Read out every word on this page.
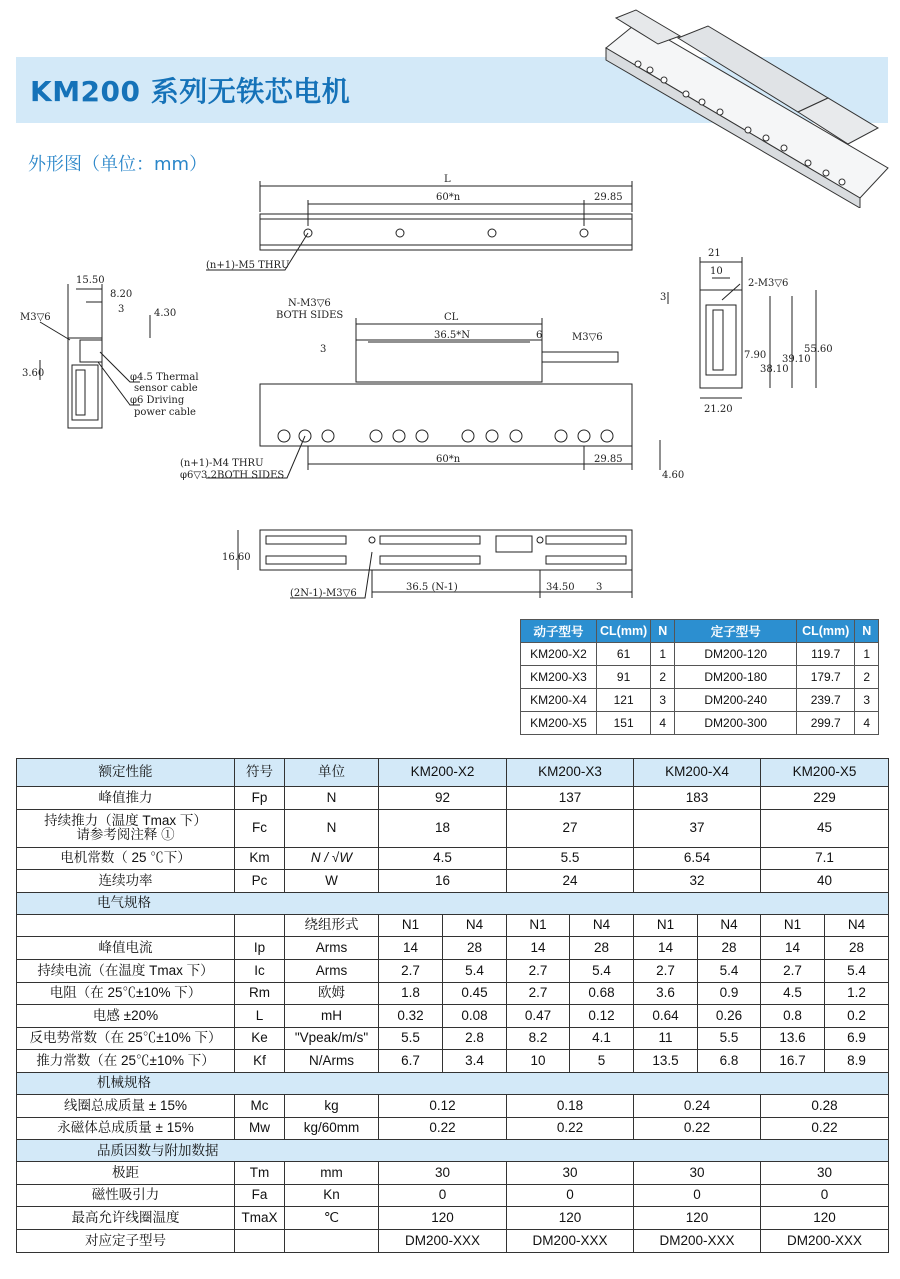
KM200 系列无铁芯电机
外形图（单位：mm）
L
60*n	29.85
(n+1)-M5 THRU
15.50
8.20
3	4.30
M3▽6
3.60	φ4.5 Thermal
sensor cable
φ6 Driving
power cable
N-M3▽6
BOTH SIDES	CL
36.5*N	6	M3▽6
3
(n+1)-M4 THRU
φ6▽3.2BOTH SIDES
60*n	29.85
4.60
21
10
2-M3▽6
3
7.90
38.10
39.10
55.60
21.20
16.60
(2N-1)-M3▽6
36.5 (N-1)	34.50 3
动子型号	CL(mm)	N	定子型号	CL(mm)	N
KM200-X2	61	1	DM200-120	119.7	1
KM200-X3	91	2	DM200-180	179.7	2
KM200-X4	121	3	DM200-240	239.7	3
KM200-X5	151	4	DM200-300	299.7	4
额定性能	符号	单位	KM200-X2		KM200-X3		KM200-X4		KM200-X5	
峰值推力	Fp	N	92		137		183		229	
持续推力（温度 Tmax 下）
请参考阅注释 ①	Fc	N	18		27		37		45	
电机常数（ 25 ℃下）	Km	N / √W	4.5		5.5		6.54		7.1	
连续功率	Pc	W	16		24		32		40	
电气规格										
		绕组形式	N1	N4	N1	N4	N1	N4	N1	N4
峰值电流	Ip	Arms	14	28	14	28	14	28	14	28
持续电流（在温度 Tmax 下）	Ic	Arms	2.7	5.4	2.7	5.4	2.7	5.4	2.7	5.4
电阻（在 25℃±10% 下）	Rm	欧姆	1.8	0.45	2.7	0.68	3.6	0.9	4.5	1.2
电感 ±20%	L	mH	0.32	0.08	0.47	0.12	0.64	0.26	0.8	0.2
反电势常数（在 25℃±10% 下）	Ke	"Vpeak/m/s"	5.5	2.8	8.2	4.1	11	5.5	13.6	6.9
推力常数（在 25℃±10% 下）	Kf	N/Arms	6.7	3.4	10	5	13.5	6.8	16.7	8.9
机械规格										
线圈总成质量 ± 15%	Mc	kg	0.12		0.18		0.24		0.28	
永磁体总成质量 ± 15%	Mw	kg/60mm	0.22		0.22		0.22		0.22	
品质因数与附加数据										
极距	Tm	mm	30		30		30		30	
磁性吸引力	Fa	Kn	0		0		0		0	
最高允许线圈温度	TmaX	℃	120		120		120		120	
对应定子型号			DM200-XXX		DM200-XXX		DM200-XXX		DM200-XXX	
